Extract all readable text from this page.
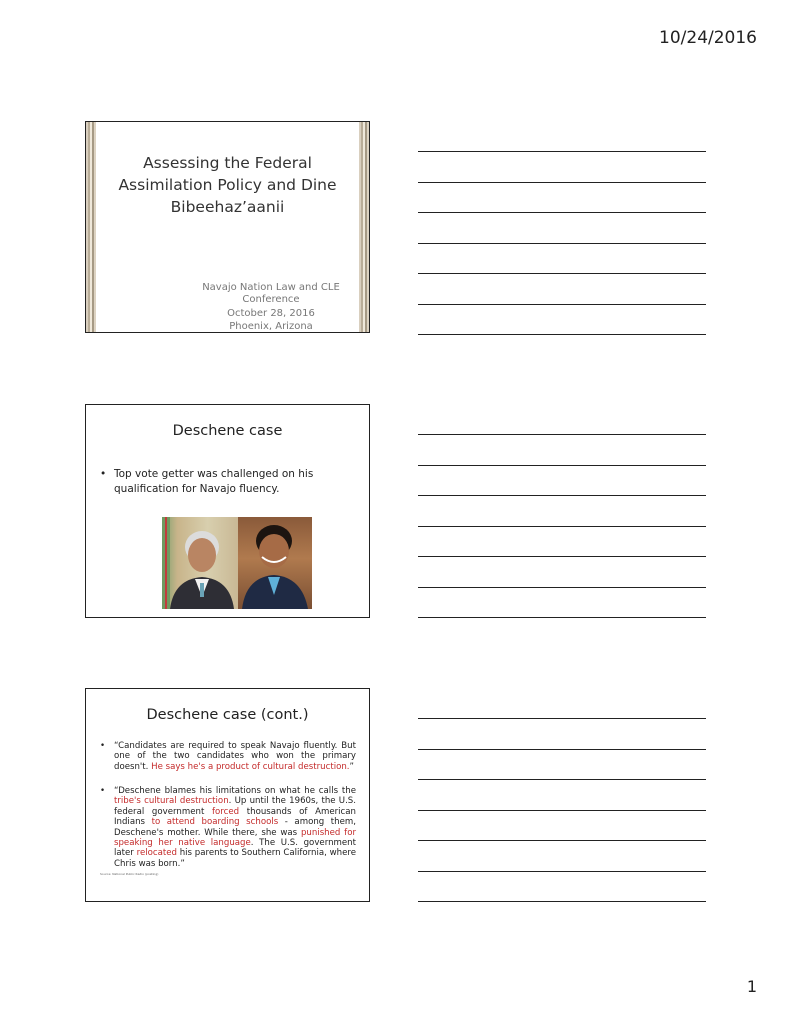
10/24/2016
Assessing the Federal Assimilation Policy and Dine Bibeehaz’aanii
Navajo Nation Law and CLE Conference
October 28, 2016
Phoenix, Arizona
Deschene case
• Top vote getter was challenged on his qualification for Navajo fluency.
Deschene case (cont.)
• “Candidates are required to speak Navajo fluently. But one of the two candidates who won the primary doesn't. He says he's a product of cultural destruction.”
• “Deschene blames his limitations on what he calls the tribe's cultural destruction. Up until the 1960s, the U.S. federal government forced thousands of American Indians to attend boarding schools - among them, Deschene's mother. While there, she was punished for speaking her native language. The U.S. government later relocated his parents to Southern California, where Chris was born.”
Source: National Public Radio (posting)
1
